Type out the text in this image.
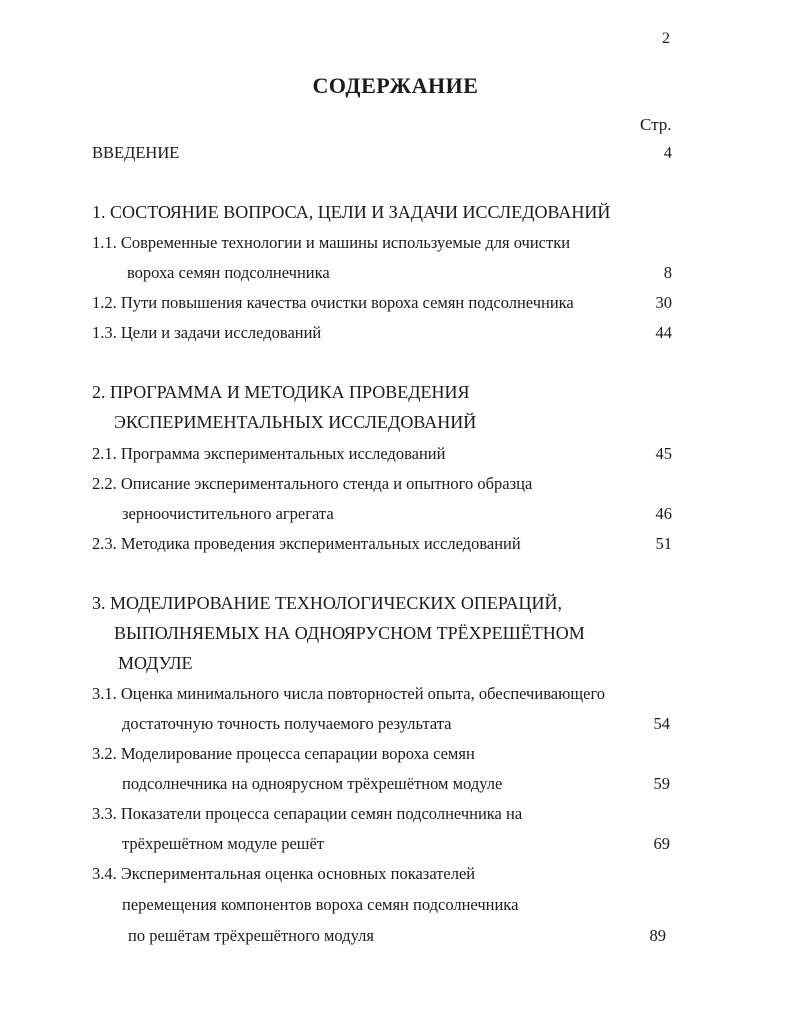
2
СОДЕРЖАНИЕ
Стр.
ВВЕДЕНИЕ	4
1. СОСТОЯНИЕ ВОПРОСА, ЦЕЛИ И ЗАДАЧИ ИССЛЕДОВАНИЙ
1.1. Современные технологии и машины используемые для очистки
вороха семян подсолнечника	8
1.2. Пути повышения качества очистки вороха семян подсолнечника	30
1.3. Цели и задачи исследований	44
2. ПРОГРАММА И МЕТОДИКА ПРОВЕДЕНИЯ
ЭКСПЕРИМЕНТАЛЬНЫХ ИССЛЕДОВАНИЙ
2.1. Программа экспериментальных исследований	45
2.2. Описание экспериментального стенда и опытного образца
зерноочистительного агрегата	46
2.3. Методика проведения экспериментальных исследований	51
3. МОДЕЛИРОВАНИЕ ТЕХНОЛОГИЧЕСКИХ ОПЕРАЦИЙ,
ВЫПОЛНЯЕМЫХ НА ОДНОЯРУСНОМ ТРЁХРЕШЁТНОМ
МОДУЛЕ
3.1. Оценка минимального числа повторностей опыта, обеспечивающего
достаточную точность получаемого результата	54
3.2. Моделирование процесса сепарации вороха семян
подсолнечника на одноярусном трёхрешётном модуле	59
3.3. Показатели процесса сепарации семян подсолнечника на
трёхрешётном модуле решёт	69
3.4. Экспериментальная оценка основных показателей
перемещения компонентов вороха семян подсолнечника
по решётам трёхрешётного модуля	89
